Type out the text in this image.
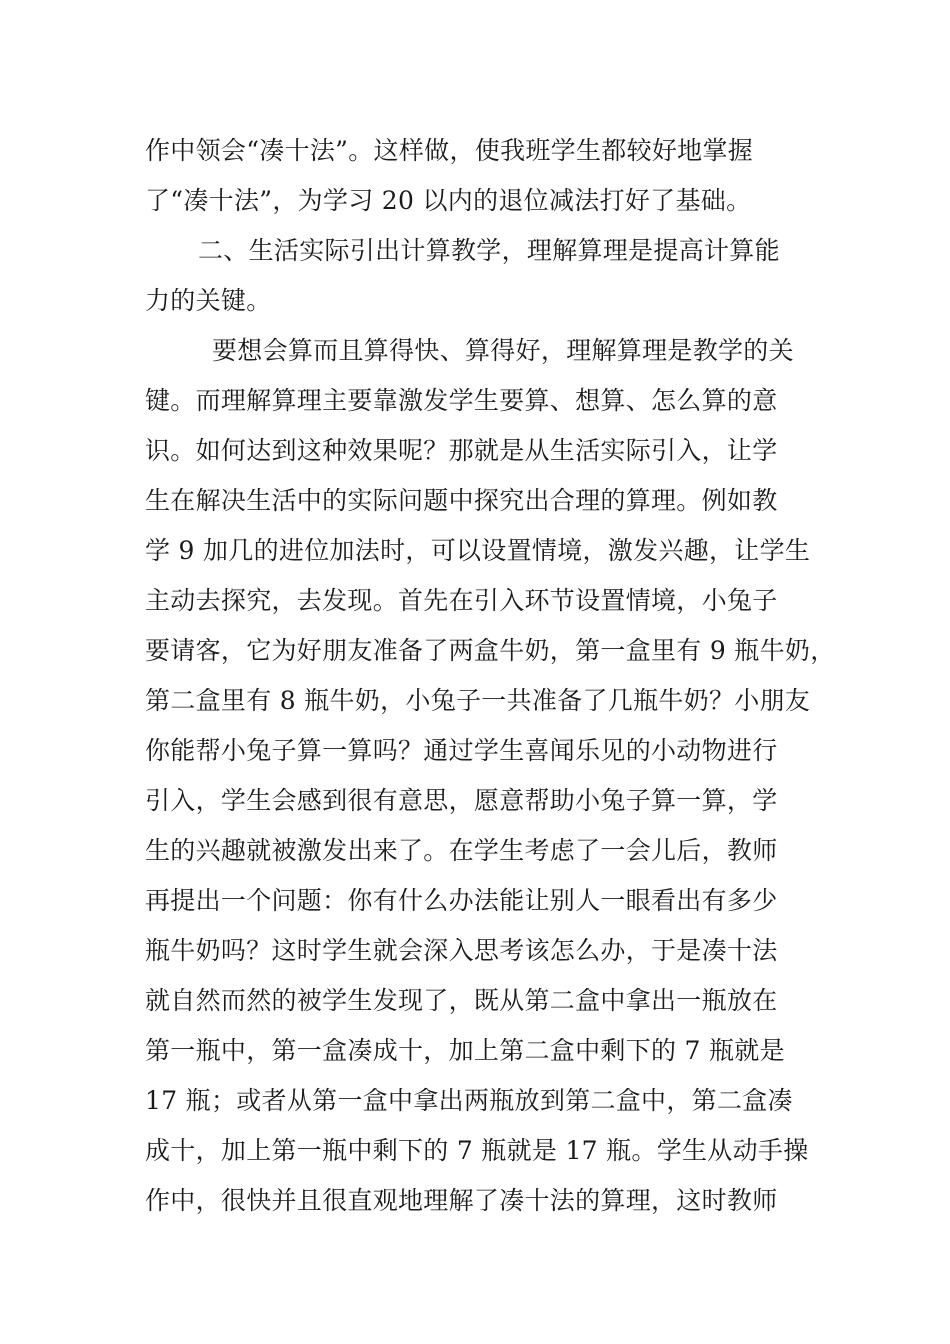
作中领会“凑十法”。这样做，使我班学生都较好地掌握
了“凑十法”，为学习 20 以内的退位减法打好了基础。
二、生活实际引出计算教学，理解算理是提高计算能
力的关键。
要想会算而且算得快、算得好，理解算理是教学的关
键。而理解算理主要靠激发学生要算、想算、怎么算的意
识。如何达到这种效果呢？那就是从生活实际引入，让学
生在解决生活中的实际问题中探究出合理的算理。例如教
学 9 加几的进位加法时，可以设置情境，激发兴趣，让学生
主动去探究，去发现。首先在引入环节设置情境，小兔子
要请客，它为好朋友准备了两盒牛奶，第一盒里有 9 瓶牛奶，
第二盒里有 8 瓶牛奶，小兔子一共准备了几瓶牛奶？小朋友
你能帮小兔子算一算吗？通过学生喜闻乐见的小动物进行
引入，学生会感到很有意思，愿意帮助小兔子算一算，学
生的兴趣就被激发出来了。在学生考虑了一会儿后，教师
再提出一个问题：你有什么办法能让别人一眼看出有多少
瓶牛奶吗？这时学生就会深入思考该怎么办，于是凑十法
就自然而然的被学生发现了，既从第二盒中拿出一瓶放在
第一瓶中，第一盒凑成十，加上第二盒中剩下的 7 瓶就是
17 瓶；或者从第一盒中拿出两瓶放到第二盒中，第二盒凑
成十，加上第一瓶中剩下的 7 瓶就是 17 瓶。学生从动手操
作中，很快并且很直观地理解了凑十法的算理，这时教师
